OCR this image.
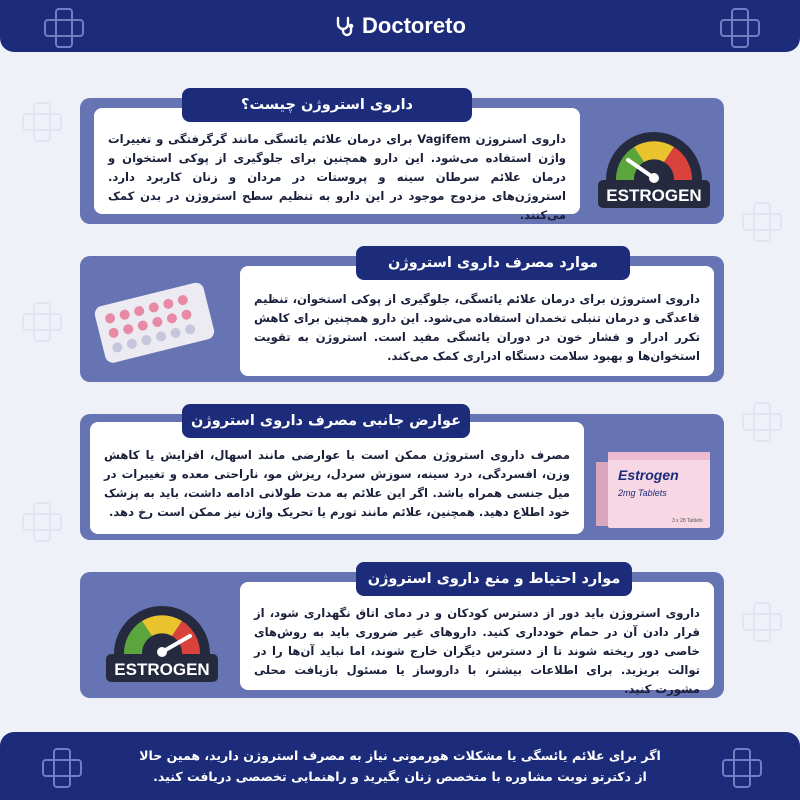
Doctoreto
داروی استروژن Vagifem برای درمان علائم یائسگی مانند گرگرفتگی و تغییرات واژن استفاده می‌شود. این دارو همچنین برای جلوگیری از پوکی استخوان و درمان علائم سرطان سینه و پروستات در مردان و زنان کاربرد دارد. استروژن‌های مزدوج موجود در این دارو به تنظیم سطح استروژن در بدن کمک می‌کنند.
ESTROGEN
داروی استروژن چیست؟
داروی استروژن برای درمان علائم یائسگی، جلوگیری از پوکی استخوان، تنظیم قاعدگی و درمان تنبلی تخمدان استفاده می‌شود. این دارو همچنین برای کاهش تکرر ادرار و فشار خون در دوران یائسگی مفید است. استروژن به تقویت استخوان‌ها و بهبود سلامت دستگاه ادراری کمک می‌کند.
موارد مصرف داروی استروژن
مصرف داروی استروژن ممکن است با عوارضی مانند اسهال، افزایش یا کاهش وزن، افسردگی، درد سینه، سوزش سردل، ریزش مو، ناراحتی معده و تغییرات در میل جنسی همراه باشد. اگر این علائم به مدت طولانی ادامه داشت، باید به پزشک خود اطلاع دهید. همچنین، علائم مانند تورم یا تحریک واژن نیز ممکن است رخ دهد.
Estrogen
2mg Tablets
3 x 28 Tablets
عوارض جانبی مصرف داروی استروژن
ESTROGEN
داروی استروژن باید دور از دسترس کودکان و در دمای اتاق نگهداری شود، از قرار دادن آن در حمام خودداری کنید. داروهای غیر ضروری باید به روش‌های خاصی دور ریخته شوند تا از دسترس دیگران خارج شوند، اما نباید آن‌ها را در توالت بریزید. برای اطلاعات بیشتر، با داروساز یا مسئول بازیافت محلی مشورت کنید.
موارد احتیاط و منع داروی استروژن
اگر برای علائم یائسگی یا مشکلات هورمونی نیاز به مصرف استروژن دارید، همین حالا
از دکترتو نوبت مشاوره با متخصص زنان بگیرید و راهنمایی تخصصی دریافت کنید.
